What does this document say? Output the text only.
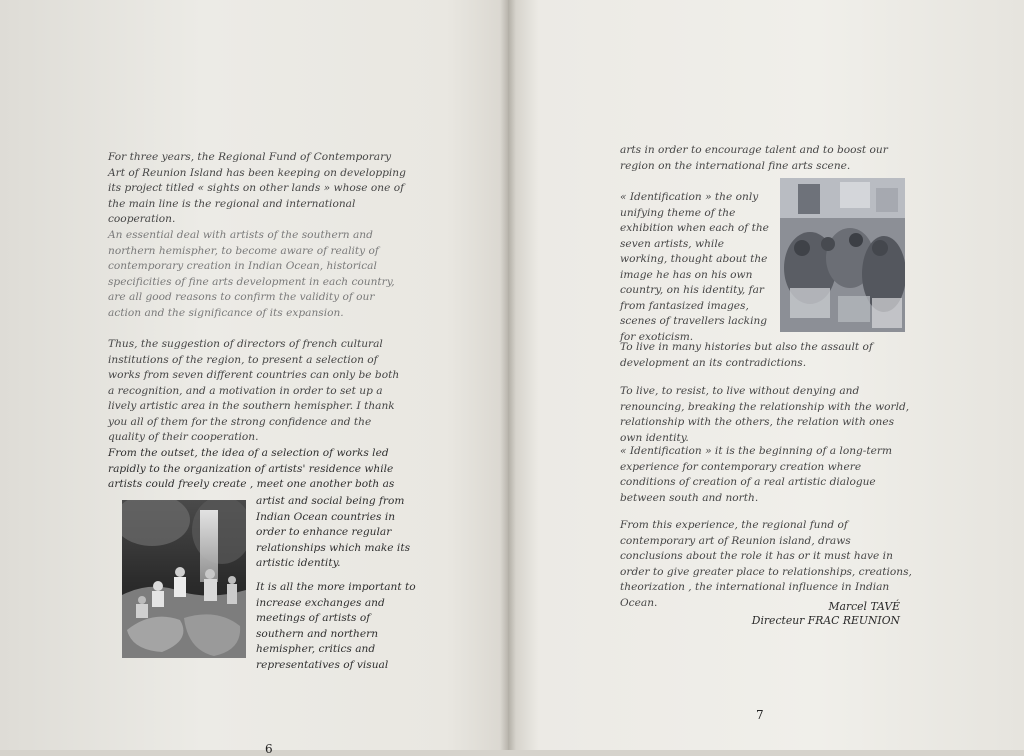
For three years, the Regional Fund of Contemporary Art of Reunion Island has been keeping on developping its project titled « sights on other lands » whose one of the main line is the regional and international cooperation.

An essential deal with artists of the southern and northern hemispher, to become aware of reality of contemporary creation in Indian Ocean, historical specificities of fine arts development in each country, are all good reasons to confirm the validity of our action and the significance of its expansion.

Thus, the suggestion of directors of french cultural institutions of the region, to present a selection of works from seven different countries can only be both a recognition, and a motivation in order to set up a lively artistic area in the southern hemispher. I thank you all of them for the strong confidence and the quality of their cooperation.

From the outset, the idea of a selection of works led rapidly to the organization of artists' residence while artists could freely create , meet one another both as

artist and social being from Indian Ocean countries in order to enhance regular relationships which make its artistic identity.

It is all the more important to increase exchanges and meetings of artists of southern and northern hemispher, critics and representatives of visual

6

arts in order to encourage talent and to boost our region on the international fine arts scene.

« Identification » the only unifying theme of the exhibition when each of the seven artists, while working, thought about the image he has on his own country, on his identity, far from fantasized images, scenes of travellers lacking for exoticism.

To live in many histories but also the assault of development an its contradictions.

To live, to resist, to live without denying and renouncing, breaking the relationship with the world, relationship with the others, the relation with ones own identity.

« Identification » it is the beginning of a long-term experience for contemporary creation where conditions of creation of a real artistic dialogue between south and north.

From this experience, the regional fund of contemporary art of Reunion island, draws conclusions about the role it has or it must have in order to give greater place to relationships, creations, theorization , the international influence in Indian Ocean.	Marcel TAVÉ
Directeur FRAC REUNION
7
